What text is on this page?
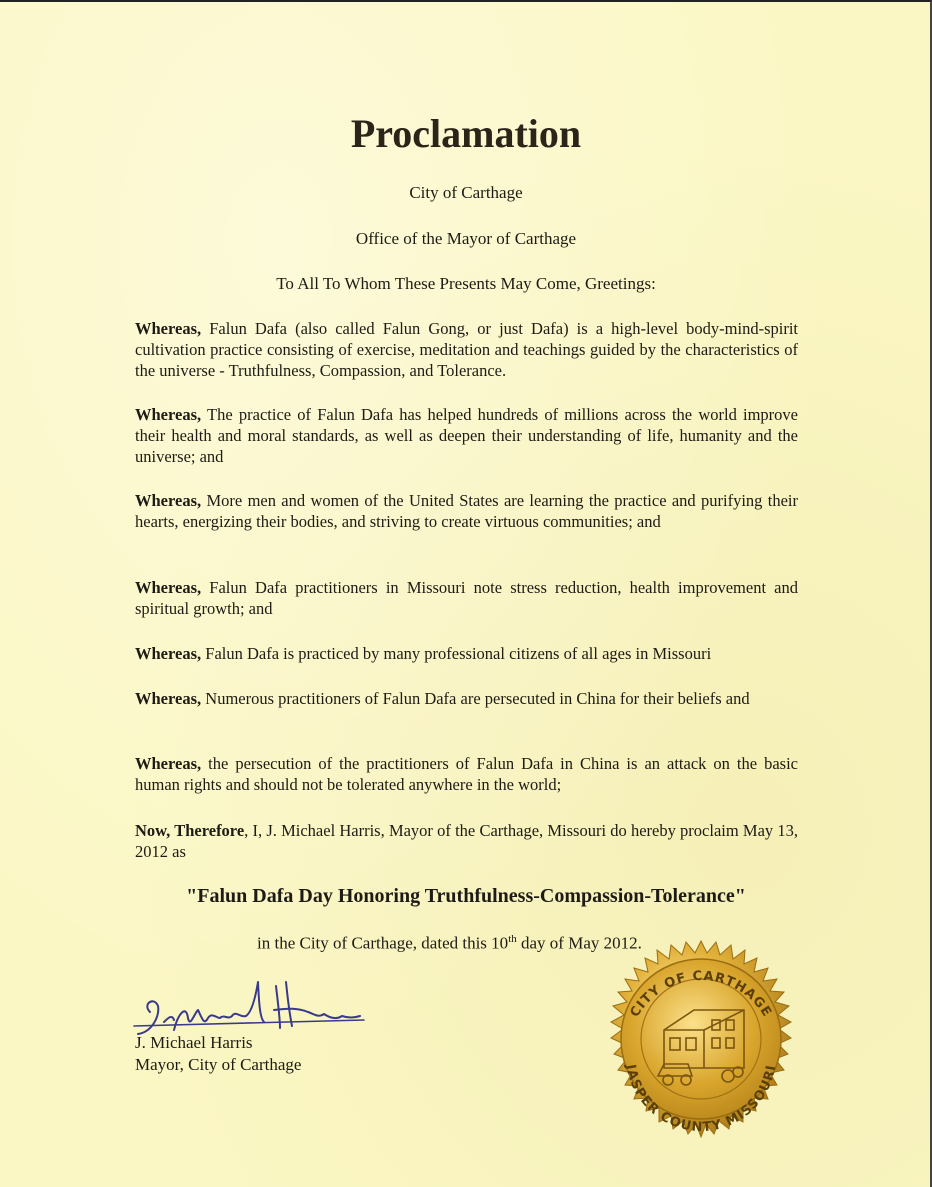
Proclamation
City of Carthage
Office of the Mayor of Carthage
To All To Whom These Presents May Come, Greetings:
Whereas, Falun Dafa (also called Falun Gong, or just Dafa) is a high-level body-mind-spirit cultivation practice consisting of exercise, meditation and teachings guided by the characteristics of the universe - Truthfulness, Compassion, and Tolerance.
Whereas, The practice of Falun Dafa has helped hundreds of millions across the world improve their health and moral standards, as well as deepen their understanding of life, humanity and the universe; and
Whereas, More men and women of the United States are learning the practice and purifying their hearts, energizing their bodies, and striving to create virtuous communities; and
Whereas, Falun Dafa practitioners in Missouri note stress reduction, health improvement and spiritual growth; and
Whereas, Falun Dafa is practiced by many professional citizens of all ages in Missouri
Whereas, Numerous practitioners of Falun Dafa are persecuted in China for their beliefs and
Whereas, the persecution of the practitioners of Falun Dafa in China is an attack on the basic human rights and should not be tolerated anywhere in the world;
Now, Therefore, I, J. Michael Harris, Mayor of the Carthage, Missouri do hereby proclaim May 13, 2012 as
"Falun Dafa Day Honoring Truthfulness-Compassion-Tolerance"
in the City of Carthage, dated this 10th day of May 2012.
J. Michael Harris
Mayor, City of Carthage
CITY OF CARTHAGE
JASPER COUNTY MISSOURI
